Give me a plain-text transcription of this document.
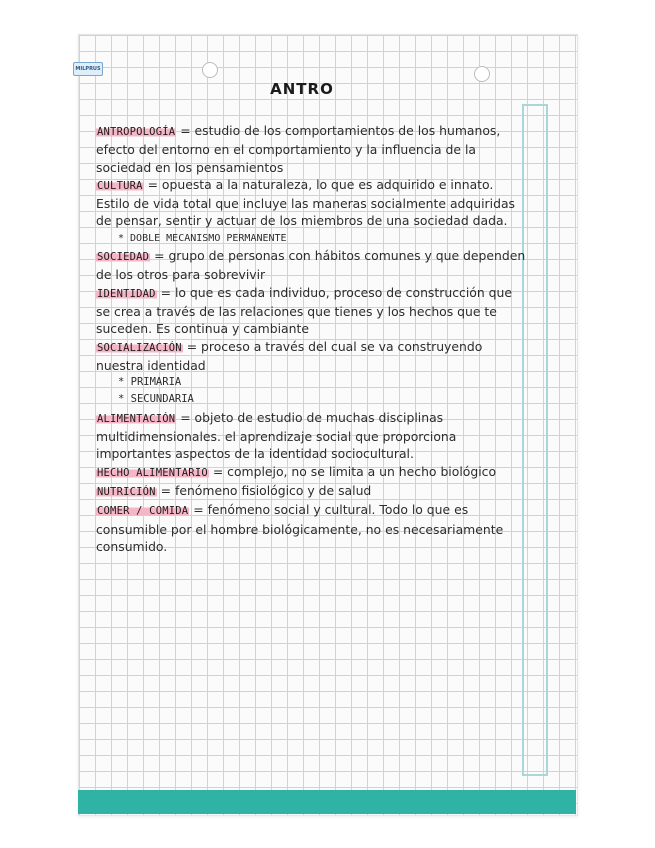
MILPRUS
ANTRO

ANTROPOLOGÍA = estudio de los comportamientos de los humanos, efecto del entorno en el comportamiento y la influencia de la sociedad en los pensamientos

CULTURA = opuesta a la naturaleza, lo que es adquirido e innato. Estilo de vida total que incluye las maneras socialmente adquiridas de pensar, sentir y actuar de los miembros de una sociedad dada.

* DOBLE MECANISMO PERMANENTE

SOCIEDAD = grupo de personas con hábitos comunes y que dependen de los otros para sobrevivir

IDENTIDAD = lo que es cada individuo, proceso de construcción que se crea a través de las relaciones que tienes y los hechos que te suceden. Es continua y cambiante

SOCIALIZACIÓN = proceso a través del cual se va construyendo nuestra identidad

* PRIMARIA

* SECUNDARIA

ALIMENTACIÓN = objeto de estudio de muchas disciplinas multidimensionales. el aprendizaje social que proporciona importantes aspectos de la identidad sociocultural.

HECHO ALIMENTARIO = complejo, no se limita a un hecho biológico

NUTRICIÓN = fenómeno fisiológico y de salud

COMER / COMIDA = fenómeno social y cultural. Todo lo que es consumible por el hombre biológicamente, no es necesariamente consumido.
